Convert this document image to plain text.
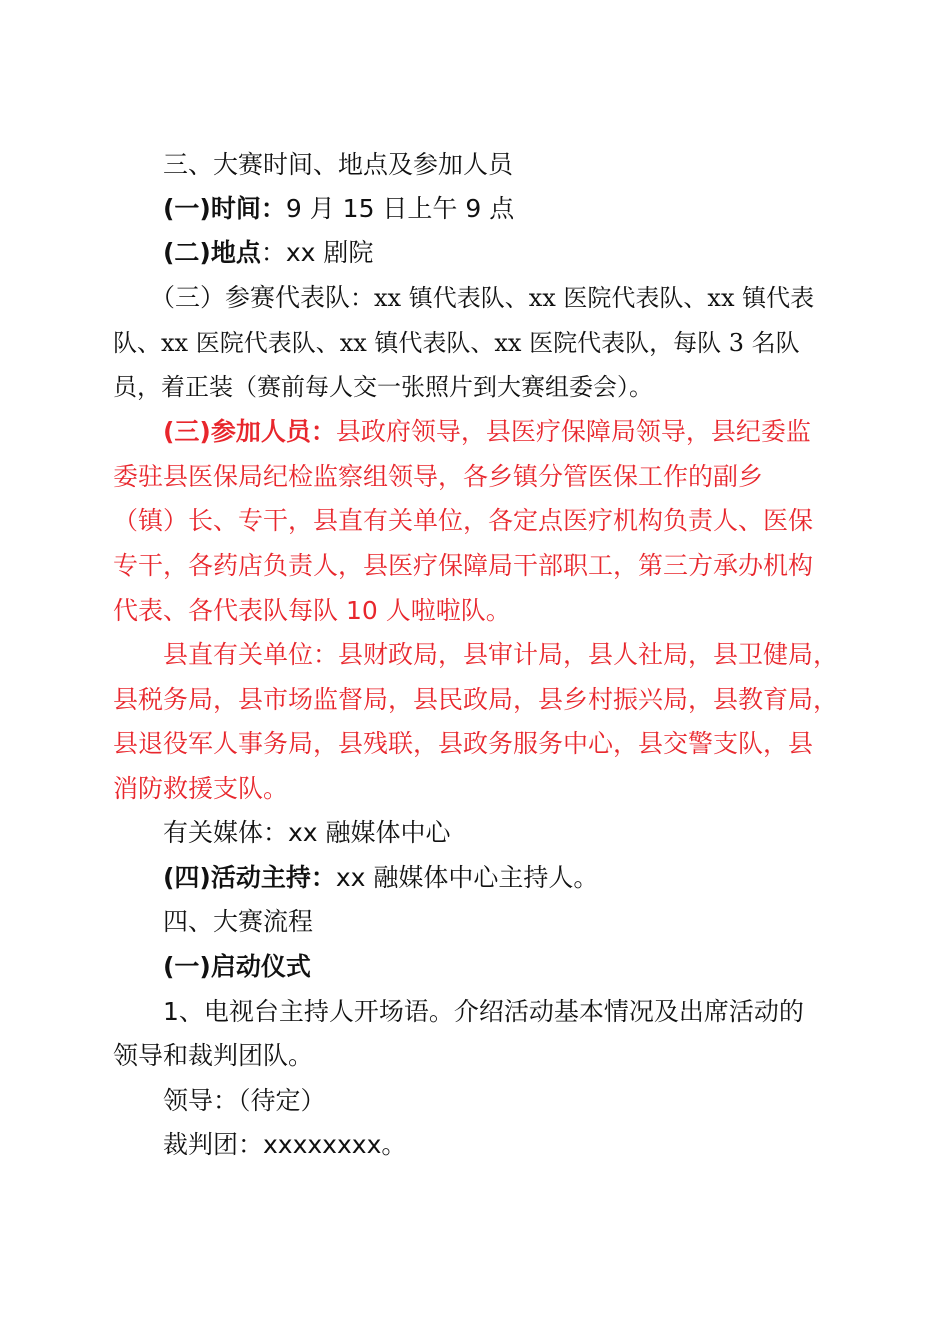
三、大赛时间、地点及参加人员
(一)时间：9 月 15 日上午 9 点
(二)地点：xx 剧院
（三）参赛代表队：xx 镇代表队、xx 医院代表队、xx 镇代表
队、xx 医院代表队、xx 镇代表队、xx 医院代表队，每队 3 名队
员，着正装（赛前每人交一张照片到大赛组委会）。
(三)参加人员：县政府领导，县医疗保障局领导，县纪委监
委驻县医保局纪检监察组领导，各乡镇分管医保工作的副乡
（镇）长、专干，县直有关单位，各定点医疗机构负责人、医保
专干，各药店负责人，县医疗保障局干部职工，第三方承办机构
代表、各代表队每队 10 人啦啦队。
县直有关单位：县财政局，县审计局，县人社局，县卫健局，
县税务局，县市场监督局，县民政局，县乡村振兴局，县教育局，
县退役军人事务局，县残联，县政务服务中心，县交警支队，县
消防救援支队。
有关媒体：xx 融媒体中心
(四)活动主持：xx 融媒体中心主持人。
四、大赛流程
(一)启动仪式
1、电视台主持人开场语。介绍活动基本情况及出席活动的
领导和裁判团队。
领导：（待定）
裁判团：xxxxxxxx。
